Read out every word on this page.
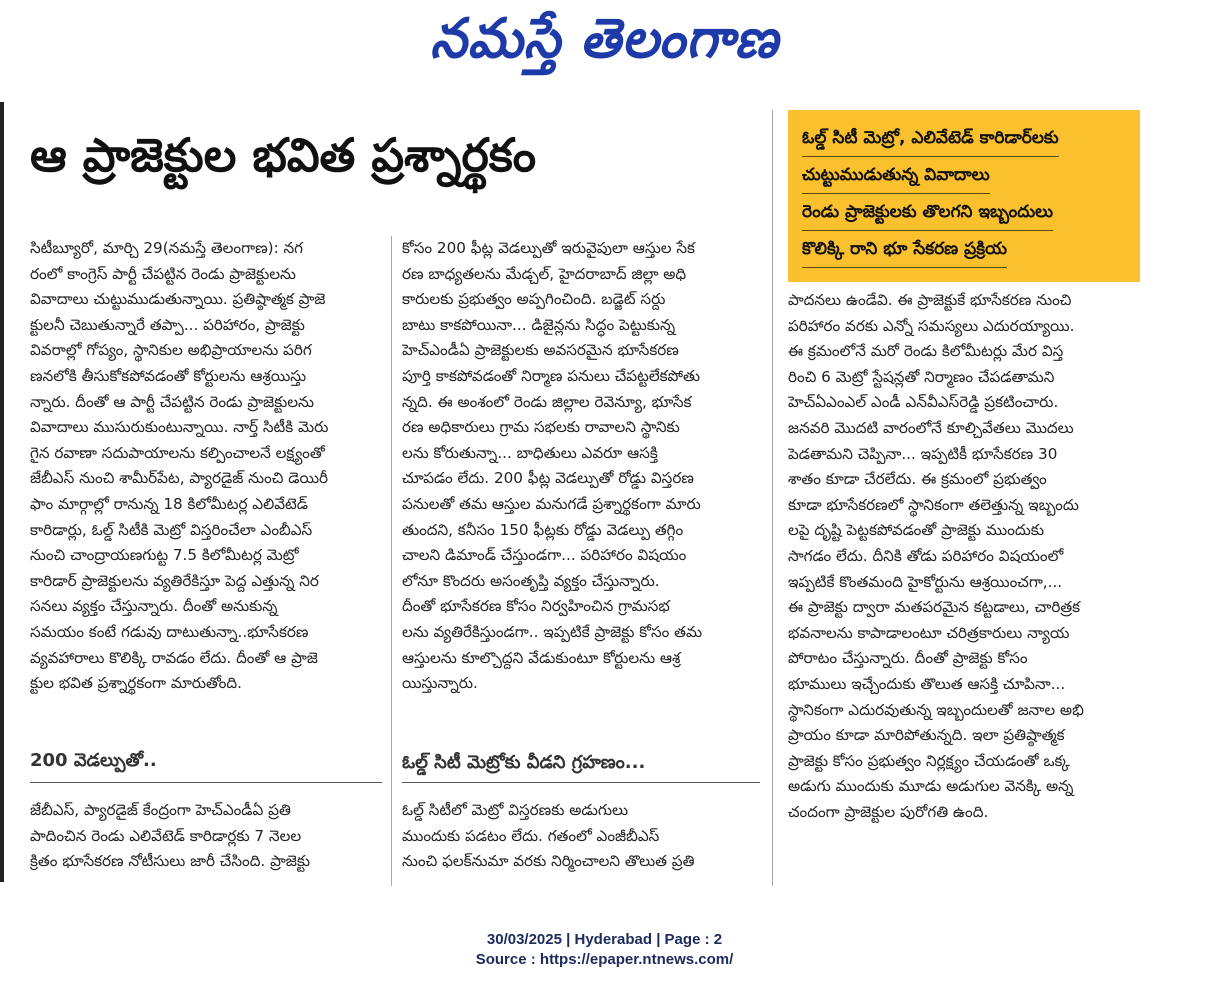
నమస్తే తెలంగాణ
ఆ ప్రాజెక్టుల భవిత ప్రశ్నార్థకం	ఓల్డ్ సిటీ మెట్రో, ఎలివేటెడ్ కారిడార్‌లకు
చుట్టుముడుతున్న వివాదాలు
రెండు ప్రాజెక్టులకు తొలగని ఇబ్బందులు
కొలిక్కి రాని భూ సేకరణ ప్రక్రియ
సిటీబ్యూరో, మార్చి 29(నమస్తే తెలంగాణ): నగ
రంలో కాంగ్రెస్ పార్టీ చేపట్టిన రెండు ప్రాజెక్టులను
వివాదాలు చుట్టుముడుతున్నాయి. ప్రతిష్ఠాత్మక ప్రాజె
క్టులనీ చెబుతున్నారే తప్పా... పరిహారం, ప్రాజెక్టు
వివరాల్లో గోప్యం, స్థానికుల అభిప్రాయాలను పరిగ
ణనలోకి తీసుకోకపోవడంతో కోర్టులను ఆశ్రయిస్తు
న్నారు. దీంతో ఆ పార్టీ చేపట్టిన రెండు ప్రాజెక్టులను
వివాదాలు ముసురుకుంటున్నాయి. నార్త్ సిటీకి మెరు
గైన రవాణా సదుపాయాలను కల్పించాలనే లక్ష్యంతో
జేబీఎస్ నుంచి శామీర్‌పేట, ప్యారడైజ్ నుంచి డెయిరీ
ఫాం మార్గాల్లో రానున్న 18 కిలోమీటర్ల ఎలివేటెడ్
కారిడార్లు, ఓల్డ్ సిటీకి మెట్రో విస్తరించేలా ఎంబీఎస్
నుంచి చాంద్రాయణగుట్ట 7.5 కిలోమీటర్ల మెట్రో
కారిడార్ ప్రాజెక్టులను వ్యతిరేకిస్తూ పెద్ద ఎత్తున్న నిర
సనలు వ్యక్తం చేస్తున్నారు. దీంతో అనుకున్న
సమయం కంటే గడువు దాటుతున్నా..భూసేకరణ
వ్యవహారాలు కొలిక్కి రావడం లేదు. దీంతో ఆ ప్రాజె
క్టుల భవిత ప్రశ్నార్థకంగా మారుతోంది.
200 వెడల్పుతో..
జేబీఎస్, ప్యారడైజ్ కేంద్రంగా హెచ్‌ఎండీఏ ప్రతి
పాదించిన రెండు ఎలివేటెడ్ కారిడార్లకు 7 నెలల
క్రితం భూసేకరణ నోటీసులు జారీ చేసింది. ప్రాజెక్టు
కోసం 200 ఫీట్ల వెడల్పుతో ఇరువైపులా ఆస్తుల సేక
రణ బాధ్యతలను మేడ్చల్, హైదరాబాద్ జిల్లా అధి
కారులకు ప్రభుత్వం అప్పగించింది. బడ్జెట్ సర్దు
బాటు కాకపోయినా... డిజైన్లను సిద్ధం పెట్టుకున్న
హెచ్‌ఎండీఏ ప్రాజెక్టులకు అవసరమైన భూసేకరణ
పూర్తి కాకపోవడంతో నిర్మాణ పనులు చేపట్టలేకపోతు
న్నది. ఈ అంశంలో రెండు జిల్లాల రెవెన్యూ, భూసేక
రణ అధికారులు గ్రామ సభలకు రావాలని స్థానికు
లను కోరుతున్నా... బాధితులు ఎవరూ ఆసక్తి
చూపడం లేదు. 200 ఫీట్ల వెడల్పుతో రోడ్డు విస్తరణ
పనులతో తమ ఆస్తుల మనుగడే ప్రశ్నార్థకంగా మారు
తుందని, కనీసం 150 ఫీట్లకు రోడ్డు వెడల్పు తగ్గిం
చాలని డిమాండ్ చేస్తుండగా... పరిహారం విషయం
లోనూ కొందరు అసంతృప్తి వ్యక్తం చేస్తున్నారు.
దీంతో భూసేకరణ కోసం నిర్వహించిన గ్రామసభ
లను వ్యతిరేకిస్తుండగా.. ఇప్పటికే ప్రాజెక్టు కోసం తమ
ఆస్తులను కూల్చొద్దని వేడుకుంటూ కోర్టులను ఆశ్ర
యిస్తున్నారు.
ఓల్డ్ సిటీ మెట్రోకు వీడని గ్రహణం...
ఓల్డ్ సిటీలో మెట్రో విస్తరణకు అడుగులు
ముందుకు పడటం లేదు. గతంలో ఎంజీబీఎస్
నుంచి ఫలక్‌నుమా వరకు నిర్మించాలని తొలుత ప్రతి
పాదనలు ఉండేవి. ఈ ప్రాజెక్టుకే భూసేకరణ నుంచి
పరిహారం వరకు ఎన్నో సమస్యలు ఎదురయ్యాయి.
ఈ క్రమంలోనే మరో రెండు కిలోమీటర్లు మేర విస్త
రించి 6 మెట్రో స్టేషన్లతో నిర్మాణం చేపడతామని
హెచ్‌ఏఎంఎల్ ఎండీ ఎన్‌వీఎస్‌రెడ్డి ప్రకటించారు.
జనవరి మొదటి వారంలోనే కూల్చివేతలు మొదలు
పెడతామని చెప్పినా... ఇప్పటికీ భూసేకరణ 30
శాతం కూడా చేరలేదు. ఈ క్రమంలో ప్రభుత్వం
కూడా భూసేకరణలో స్థానికంగా తలెత్తున్న ఇబ్బందు
లపై దృష్టి పెట్టకపోవడంతో ప్రాజెక్టు ముందుకు
సాగడం లేదు. దీనికి తోడు పరిహారం విషయంలో
ఇప్పటికే కొంతమంది హైకోర్టును ఆశ్రయించగా,...
ఈ ప్రాజెక్టు ద్వారా మతపరమైన కట్టడాలు, చారిత్రక
భవనాలను కాపాడాలంటూ చరిత్రకారులు న్యాయ
పోరాటం చేస్తున్నారు. దీంతో ప్రాజెక్టు కోసం
భూములు ఇచ్చేందుకు తొలుత ఆసక్తి చూపినా...
స్థానికంగా ఎదురవుతున్న ఇబ్బందులతో జనాల అభి
ప్రాయం కూడా మారిపోతున్నది. ఇలా ప్రతిష్ఠాత్మక
ప్రాజెక్టు కోసం ప్రభుత్వం నిర్లక్ష్యం చేయడంతో ఒక్క
అడుగు ముందుకు మూడు అడుగుల వెనక్కి అన్న
చందంగా ప్రాజెక్టుల పురోగతి ఉంది.
30/03/2025 | Hyderabad | Page : 2
Source : https://epaper.ntnews.com/
